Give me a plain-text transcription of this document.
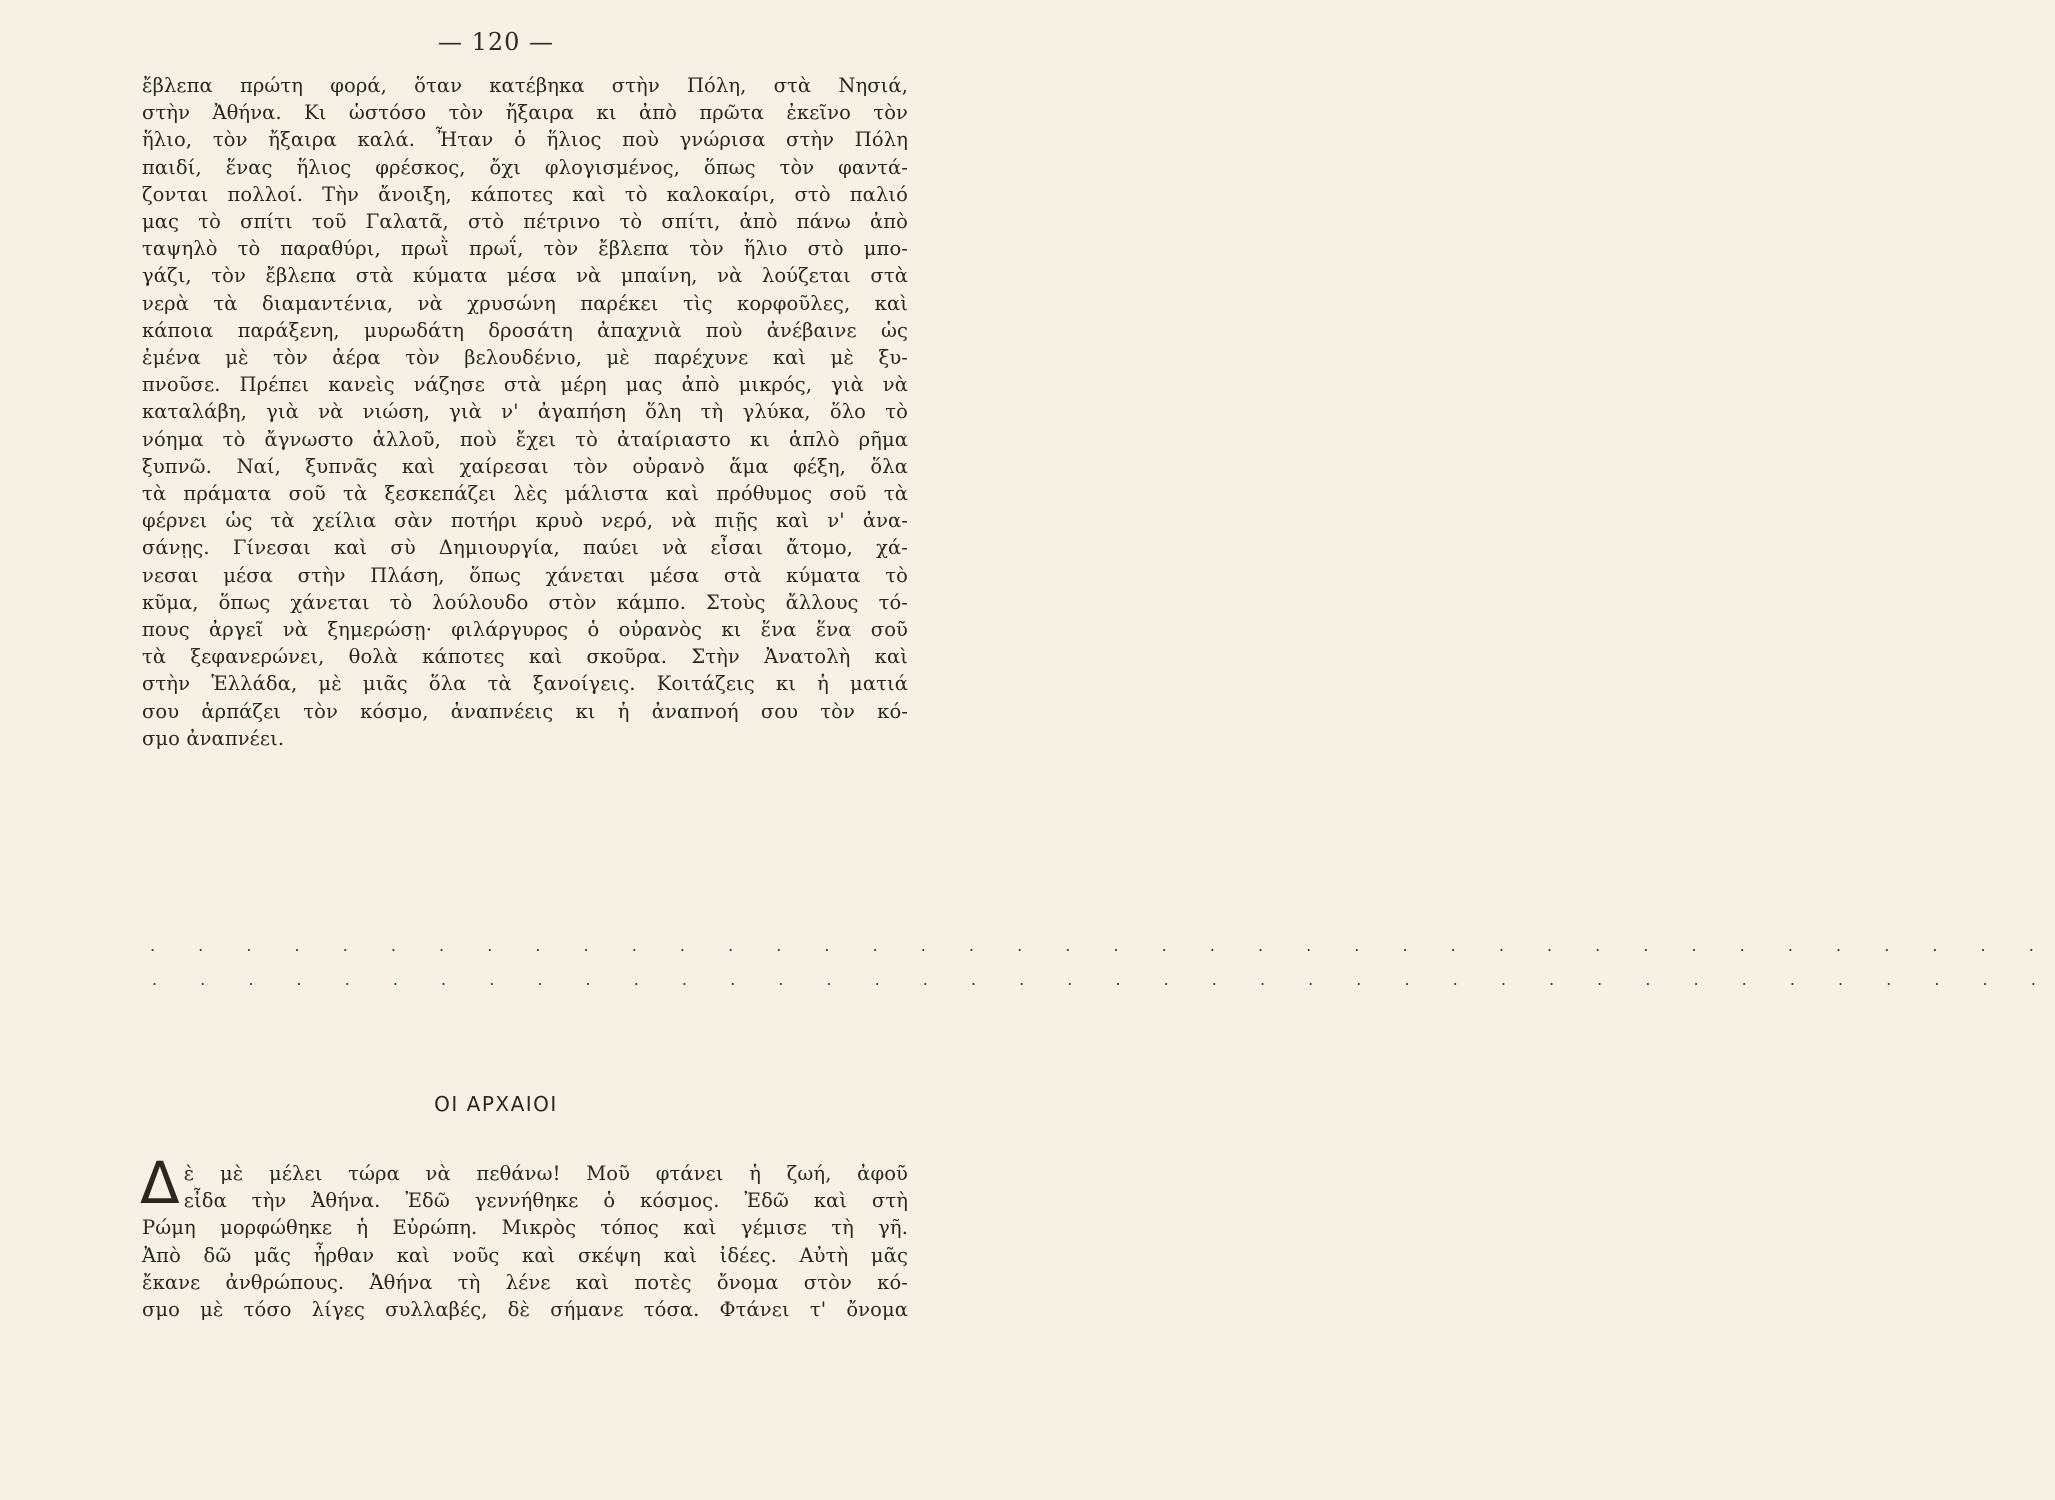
— 120 —
ἔβλεπα πρώτη φορά, ὅταν κατέβηκα στὴν Πόλη, στὰ Νησιά,
στὴν Ἀθήνα. Κι ὡστόσο τὸν ἤξαιρα κι ἀπὸ πρῶτα ἐκεῖνο τὸν
ἥλιο, τὸν ἤξαιρα καλά. Ἦταν ὁ ἥλιος ποὺ γνώρισα στὴν Πόλη
παιδί, ἕνας ἥλιος φρέσκος, ὄχι φλογισμένος, ὅπως τὸν φαντά-
ζονται πολλοί. Τὴν ἄνοιξη, κάποτες καὶ τὸ καλοκαίρι, στὸ παλιό
μας τὸ σπίτι τοῦ Γαλατᾶ, στὸ πέτρινο τὸ σπίτι, ἀπὸ πάνω ἀπὸ
ταψηλὸ τὸ παραθύρι, πρωῒ πρωΐ, τὸν ἔβλεπα τὸν ἥλιο στὸ μπο-
γάζι, τὸν ἔβλεπα στὰ κύματα μέσα νὰ μπαίνη, νὰ λούζεται στὰ
νερὰ τὰ διαμαντένια, νὰ χρυσώνη παρέκει τὶς κορφοῦλες, καὶ
κάποια παράξενη, μυρωδάτη δροσάτη ἀπαχνιὰ ποὺ ἀνέβαινε ὡς
ἐμένα μὲ τὸν ἀέρα τὸν βελουδένιο, μὲ παρέχυνε καὶ μὲ ξυ-
πνοῦσε. Πρέπει κανεὶς νάζησε στὰ μέρη μας ἀπὸ μικρός, γιὰ νὰ
καταλάβη, γιὰ νὰ νιώση, γιὰ ν' ἀγαπήση ὅλη τὴ γλύκα, ὅλο τὸ
νόημα τὸ ἄγνωστο ἀλλοῦ, ποὺ ἔχει τὸ ἀταίριαστο κι ἁπλὸ ρῆμα
ξυπνῶ. Ναί, ξυπνᾶς καὶ χαίρεσαι τὸν οὐρανὸ ἅμα φέξη, ὅλα
τὰ πράματα σοῦ τὰ ξεσκεπάζει λὲς μάλιστα καὶ πρόθυμος σοῦ τὰ
φέρνει ὡς τὰ χείλια σὰν ποτήρι κρυὸ νερό, νὰ πιῇς καὶ ν' ἀνα-
σάνῃς. Γίνεσαι καὶ σὺ Δημιουργία, παύει νὰ εἶσαι ἄτομο, χά-
νεσαι μέσα στὴν Πλάση, ὅπως χάνεται μέσα στὰ κύματα τὸ
κῦμα, ὅπως χάνεται τὸ λούλουδο στὸν κάμπο. Στοὺς ἄλλους τό-
πους ἀργεῖ νὰ ξημερώσῃ· φιλάργυρος ὁ οὐρανὸς κι ἕνα ἕνα σοῦ
τὰ ξεφανερώνει, θολὰ κάποτες καὶ σκοῦρα. Στὴν Ἀνατολὴ καὶ
στὴν Ἑλλάδα, μὲ μιᾶς ὅλα τὰ ξανοίγεις. Κοιτάζεις κι ἡ ματιά
σου ἁρπάζει τὸν κόσμο, ἀναπνέεις κι ἡ ἀναπνοή σου τὸν κό-
σμο ἀναπνέει.
. . . . . . . . . . . . . . . . . . . . . . . . . . . . . . . . . . . . . . . .
. . . . . . . . . . . . . . . . . . . . . . . . . . . . . . . . . . . . . . . .
ΟΙ ΑΡΧΑΙΟΙ
Δ ὲ μὲ μέλει τώρα νὰ πεθάνω! Μοῦ φτάνει ἡ ζωή, ἀφοῦ
εἶδα τὴν Ἀθήνα. Ἐδῶ γεννήθηκε ὁ κόσμος. Ἐδῶ καὶ στὴ
Ρώμη μορφώθηκε ἡ Εὐρώπη. Μικρὸς τόπος καὶ γέμισε τὴ γῆ.
Ἀπὸ δῶ μᾶς ἦρθαν καὶ νοῦς καὶ σκέψη καὶ ἰδέες. Αὐτὴ μᾶς
ἔκανε ἀνθρώπους. Ἀθήνα τὴ λένε καὶ ποτὲς ὄνομα στὸν κό-
σμο μὲ τόσο λίγες συλλαβές, δὲ σήμανε τόσα. Φτάνει τ' ὄνομα
